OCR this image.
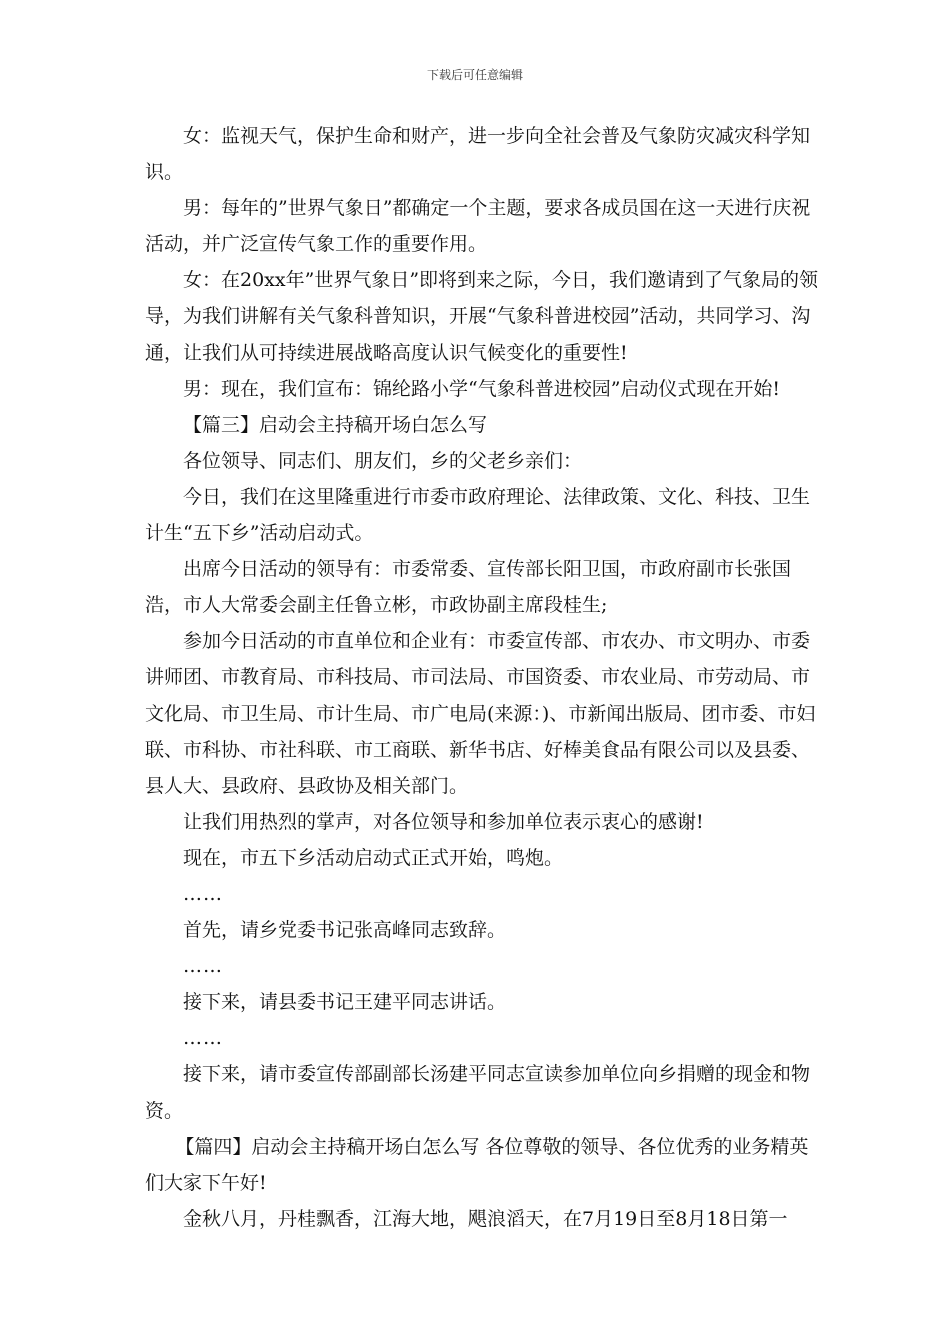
下载后可任意编辑

女：监视天气，保护生命和财产，进一步向全社会普及气象防灾减灾科学知识。

男：每年的”世界气象日”都确定一个主题，要求各成员国在这一天进行庆祝活动，并广泛宣传气象工作的重要作用。

女：在20xx年”世界气象日”即将到来之际，今日，我们邀请到了气象局的领导，为我们讲解有关气象科普知识，开展“气象科普进校园”活动，共同学习、沟通，让我们从可持续进展战略高度认识气候变化的重要性!

男：现在，我们宣布：锦纶路小学“气象科普进校园”启动仪式现在开始!

【篇三】启动会主持稿开场白怎么写

各位领导、同志们、朋友们，乡的父老乡亲们：

今日，我们在这里隆重进行市委市政府理论、法律政策、文化、科技、卫生计生“五下乡”活动启动式。

出席今日活动的领导有：市委常委、宣传部长阳卫国，市政府副市长张国浩，市人大常委会副主任鲁立彬，市政协副主席段桂生;

参加今日活动的市直单位和企业有：市委宣传部、市农办、市文明办、市委讲师团、市教育局、市科技局、市司法局、市国资委、市农业局、市劳动局、市文化局、市卫生局、市计生局、市广电局(来源：)、市新闻出版局、团市委、市妇联、市科协、市社科联、市工商联、新华书店、好棒美食品有限公司以及县委、县人大、县政府、县政协及相关部门。

让我们用热烈的掌声，对各位领导和参加单位表示衷心的感谢!

现在，市五下乡活动启动式正式开始，鸣炮。

……

首先，请乡党委书记张高峰同志致辞。

……

接下来，请县委书记王建平同志讲话。

……

接下来，请市委宣传部副部长汤建平同志宣读参加单位向乡捐赠的现金和物资。

【篇四】启动会主持稿开场白怎么写 各位尊敬的领导、各位优秀的业务精英们大家下午好!

金秋八月，丹桂飘香，江海大地，飓浪滔天，在7月19日至8月18日第一
